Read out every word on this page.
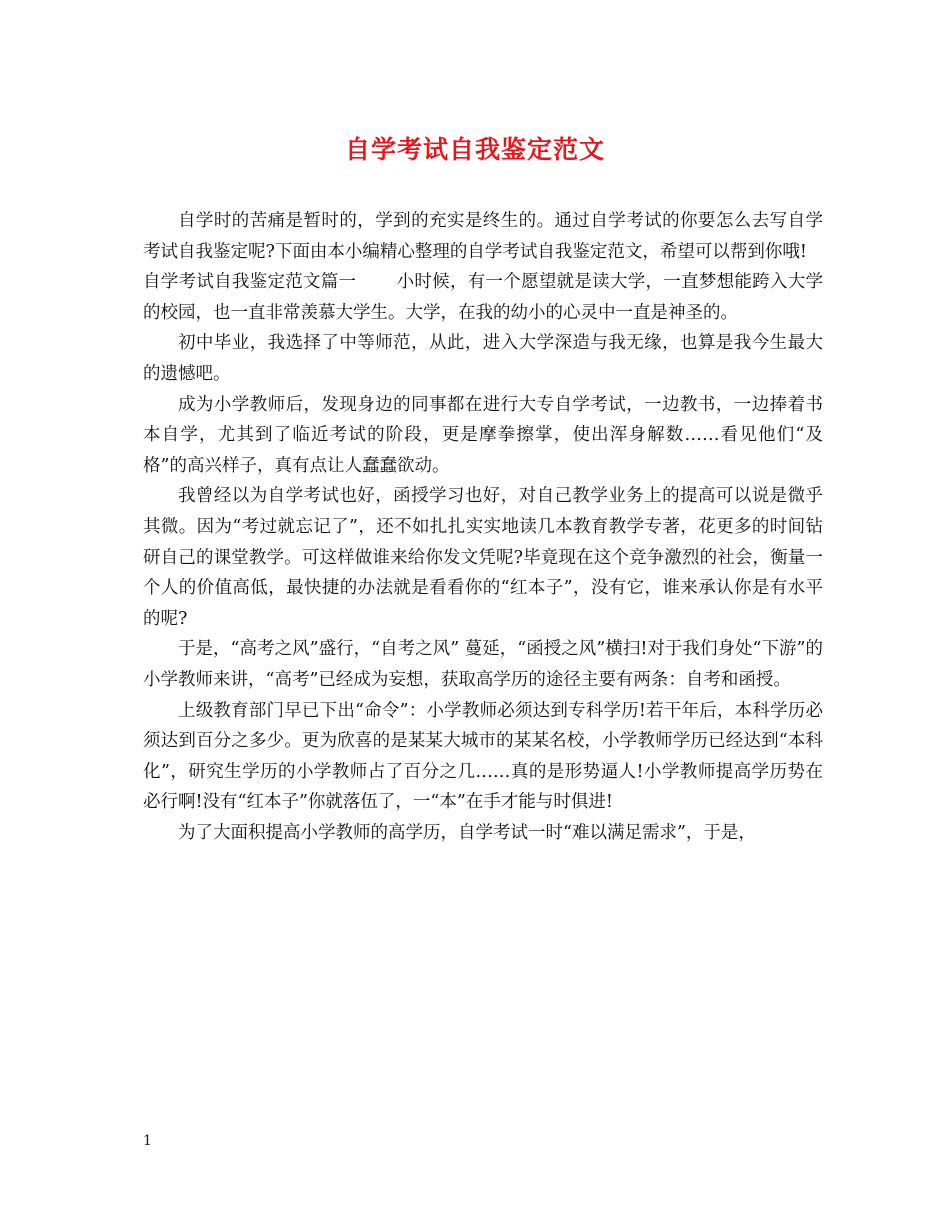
自学考试自我鉴定范文

自学时的苦痛是暂时的，学到的充实是终生的。通过自学考试的你要怎么去写自学考试自我鉴定呢?下面由本小编精心整理的自学考试自我鉴定范文，希望可以帮到你哦!

自学考试自我鉴定范文篇一 小时候，有一个愿望就是读大学，一直梦想能跨入大学的校园，也一直非常羡慕大学生。大学，在我的幼小的心灵中一直是神圣的。

初中毕业，我选择了中等师范，从此，进入大学深造与我无缘，也算是我今生最大的遗憾吧。

成为小学教师后，发现身边的同事都在进行大专自学考试，一边教书，一边捧着书本自学，尤其到了临近考试的阶段，更是摩拳擦掌，使出浑身解数……看见他们“及格”的高兴样子，真有点让人蠢蠢欲动。

我曾经以为自学考试也好，函授学习也好，对自己教学业务上的提高可以说是微乎其微。因为“考过就忘记了”，还不如扎扎实实地读几本教育教学专著，花更多的时间钻研自己的课堂教学。可这样做谁来给你发文凭呢?毕竟现在这个竞争激烈的社会，衡量一个人的价值高低，最快捷的办法就是看看你的“红本子”，没有它，谁来承认你是有水平的呢?

于是，“高考之风”盛行，“自考之风” 蔓延，“函授之风”横扫!对于我们身处“下游”的小学教师来讲，“高考”已经成为妄想，获取高学历的途径主要有两条：自考和函授。

上级教育部门早已下出“命令”：小学教师必须达到专科学历!若干年后，本科学历必须达到百分之多少。更为欣喜的是某某大城市的某某名校，小学教师学历已经达到“本科化”，研究生学历的小学教师占了百分之几……真的是形势逼人!小学教师提高学历势在必行啊!没有“红本子”你就落伍了，一“本”在手才能与时俱进!

为了大面积提高小学教师的高学历，自学考试一时“难以满足需求”，于是，

1
